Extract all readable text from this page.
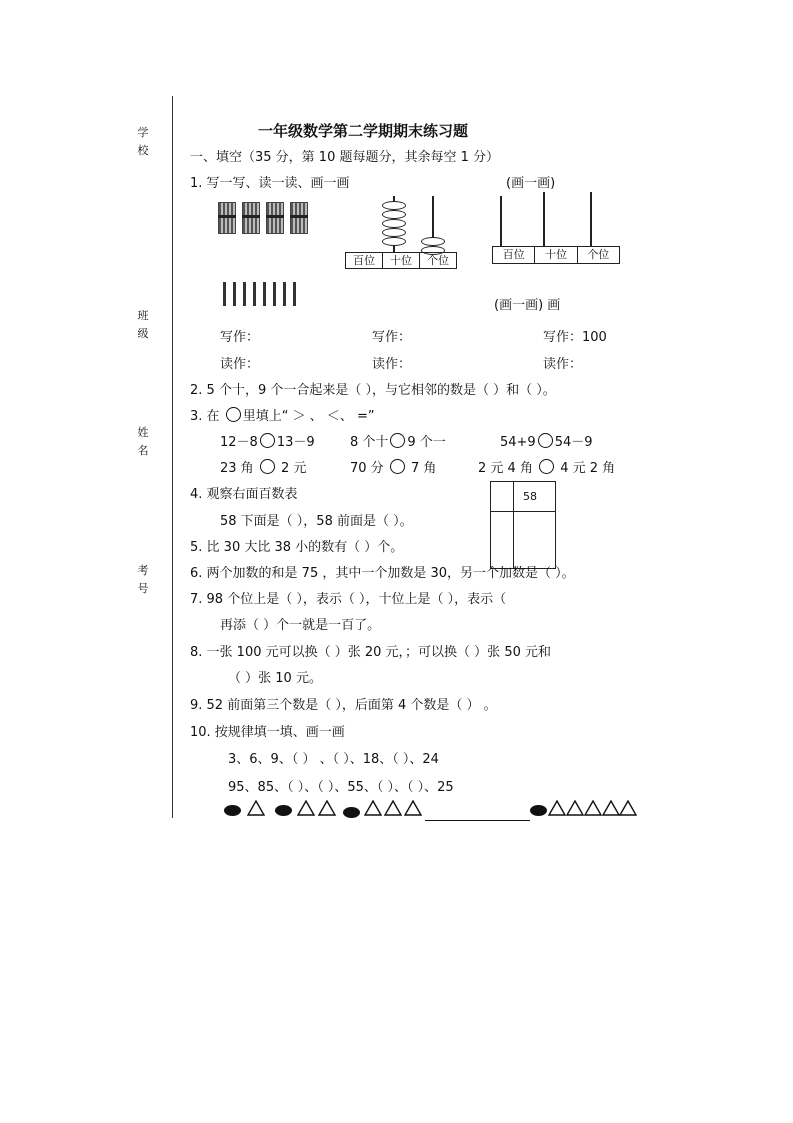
学
校
班
级
姓
名
考
号
一年级数学第二学期期末练习题
一、填空（35 分，第 10 题每题分，其余每空 1 分）
1. 写一写、读一读、画一画	(画一画)
百位	十位	个位	百位	十位	个位
(画一画) 画
写作：	写作：	写作：100
读作：	读作：	读作：
2. 5 个十，9 个一合起来是（ ），与它相邻的数是（ ）和（ ）。
3. 在 里填上“ ＞ 、 ＜、 =”
12－8 13－9	8 个十 9 个一	54+9 54－9
23 角 2 元	70 分 7 角	2 元 4 角 4 元 2 角
4. 观察右面百数表
58 下面是（ ），58 前面是（ ）。
58
5. 比 30 大比 38 小的数有（ ）个。
6. 两个加数的和是 75 ，其中一个加数是 30，另一个加数是（ ）。
7. 98 个位上是（ ），表示（ ），十位上是（ ），表示（
再添（ ）个一就是一百了。
8. 一张 100 元可以换（ ）张 20 元，；可以换（ ）张 50 元和
（ ）张 10 元。
9. 52 前面第三个数是（ ），后面第 4 个数是（ ） 。
10. 按规律填一填、画一画
3、6、9、（ ） 、（ ）、18、（ ）、24
95、85、（ ）、（ ）、55、（ ）、（ ）、25
